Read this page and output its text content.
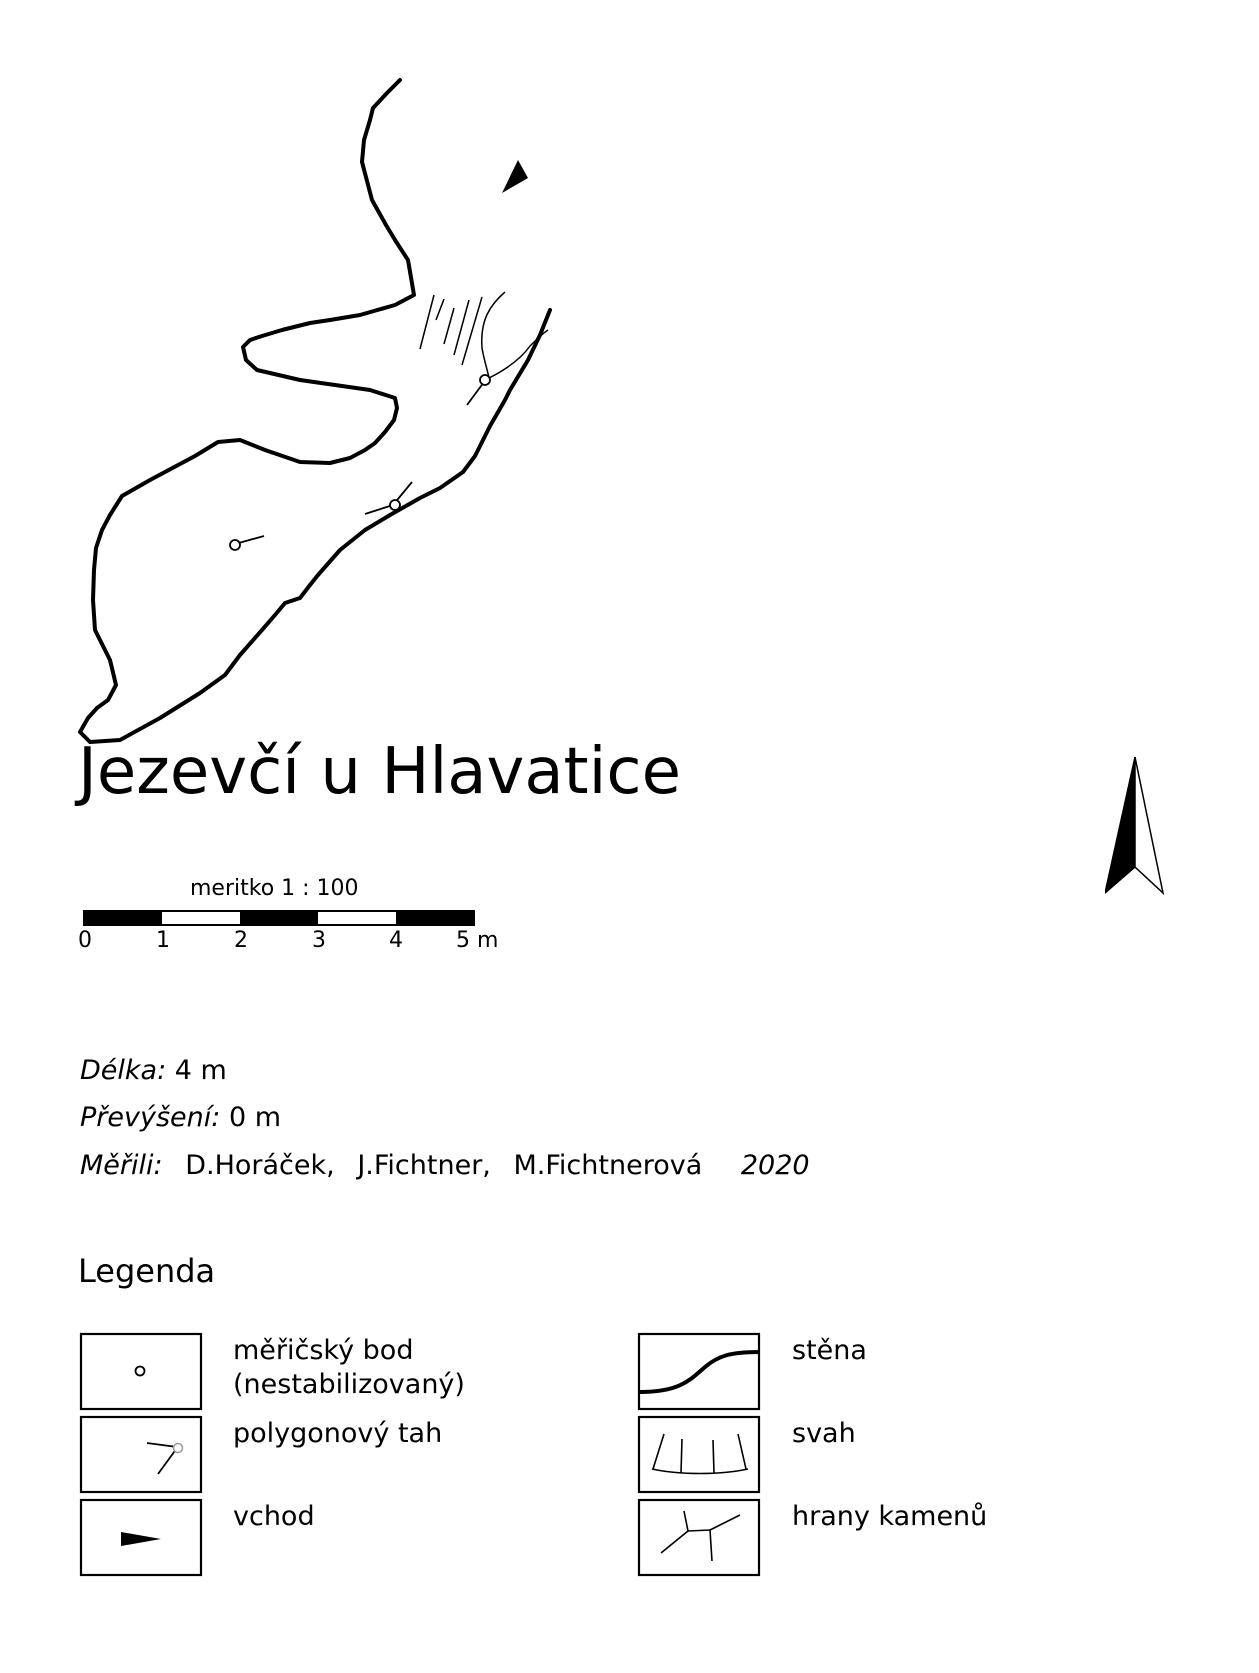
Jezevčí u Hlavatice
meritko 1 : 100
0	1	2	3	4 5 m
Délka: 4 m
Převýšení: 0 m
Měřili: D.Horáček, J.Fichtner, M.Fichtnerová 2020
Legenda
měřičský bod
(nestabilizovaný)
polygonový tah
vchod
stěna
svah
hrany kamenů
